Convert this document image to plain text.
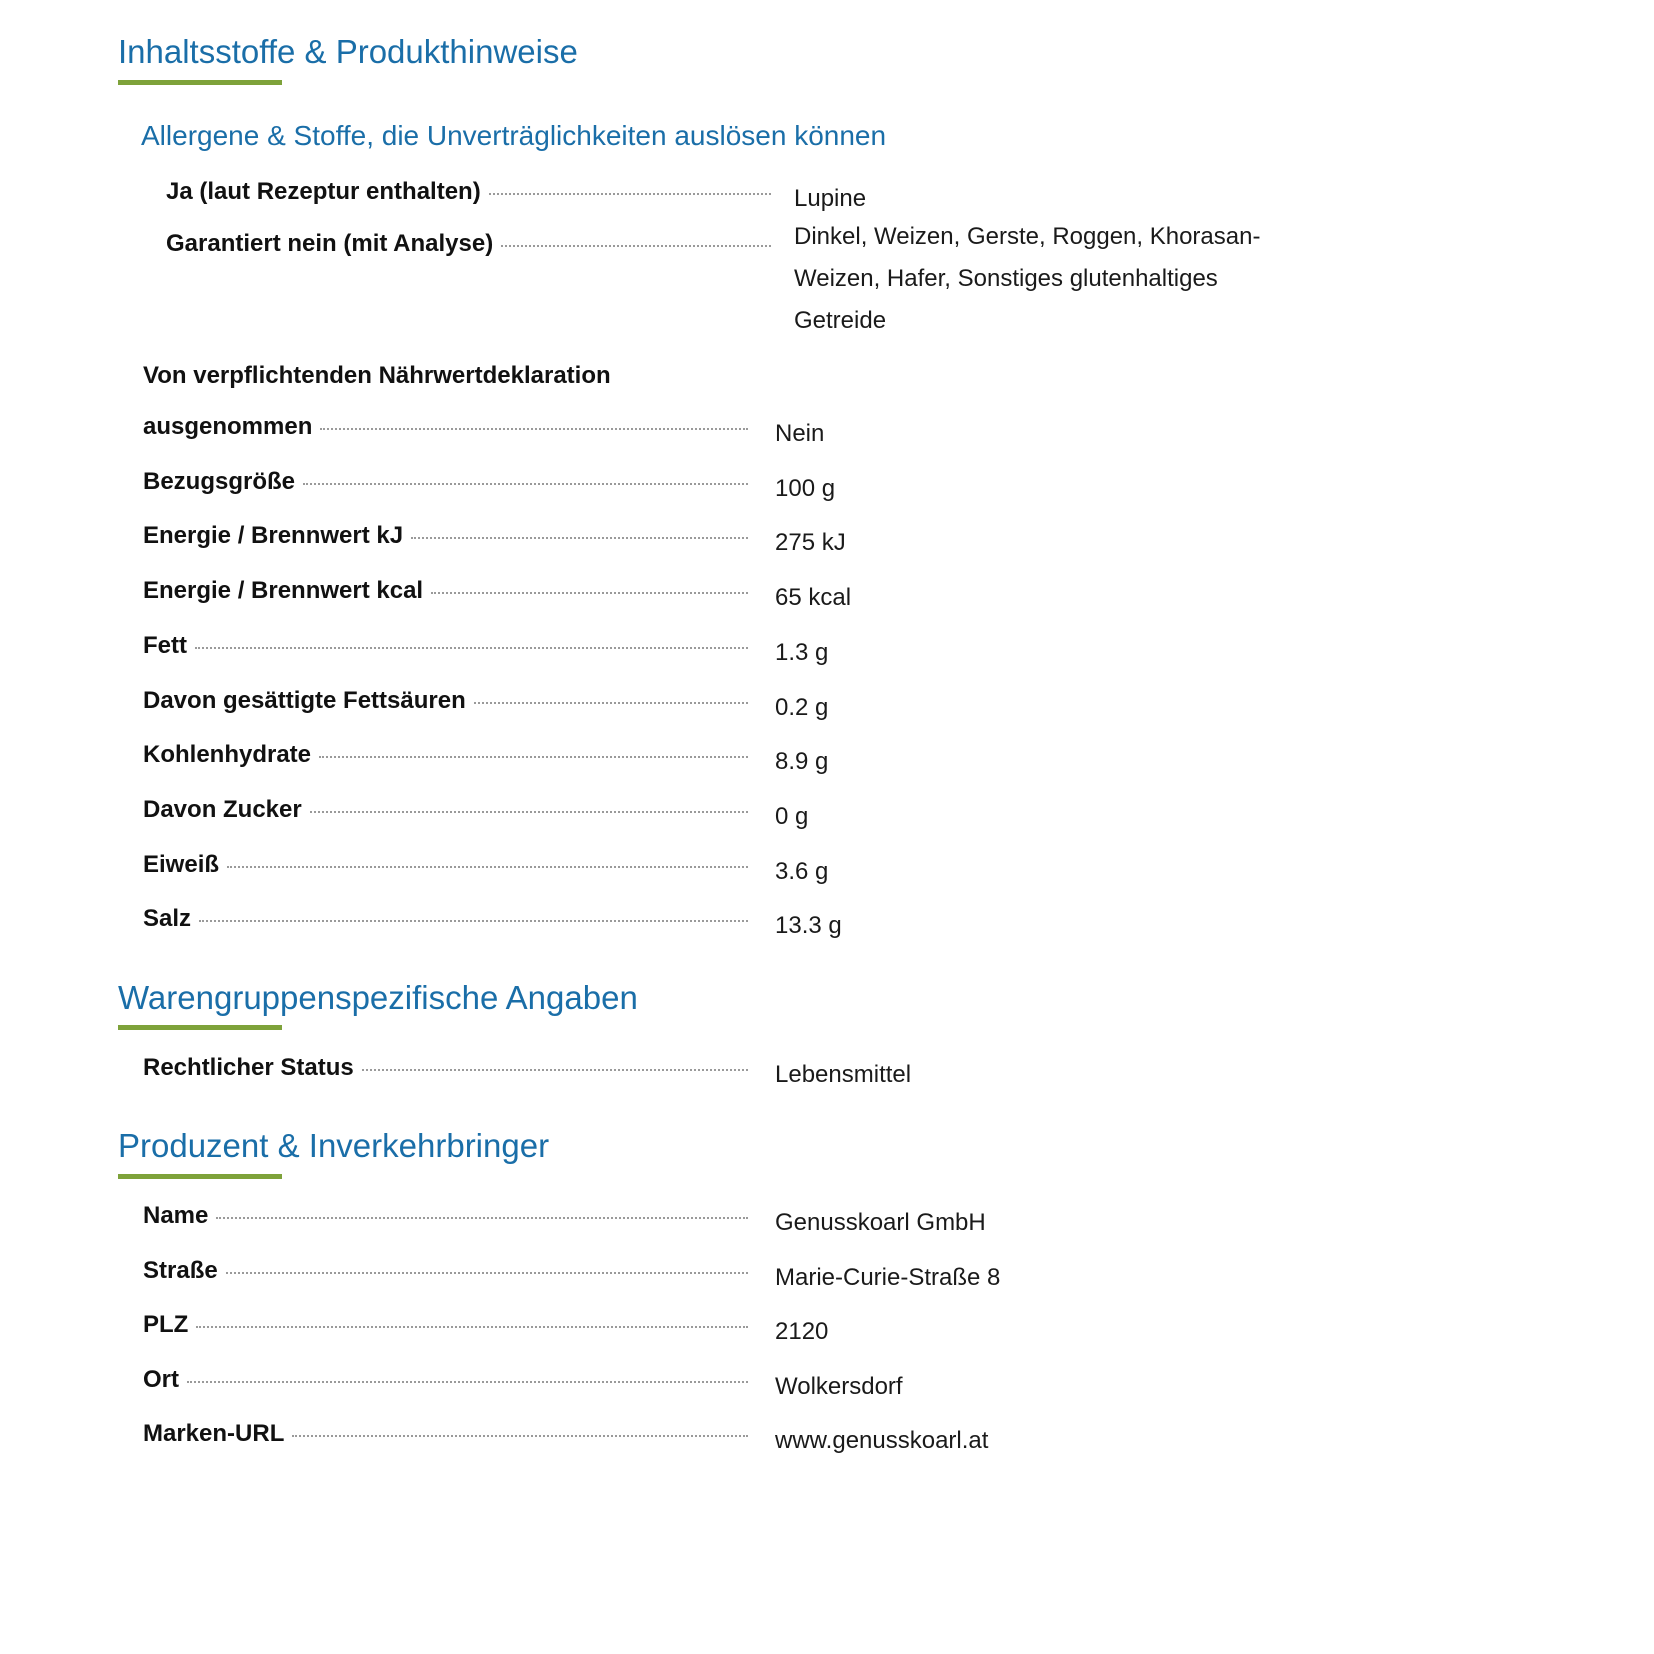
Inhaltsstoffe & Produkthinweise
Allergene & Stoffe, die Unverträglichkeiten auslösen können
Ja (laut Rezeptur enthalten)	Lupine
Garantiert nein (mit Analyse)	Dinkel, Weizen, Gerste, Roggen, Khorasan-Weizen, Hafer, Sonstiges glutenhaltiges Getreide

Von verpflichtenden Nährwertdeklaration

ausgenommen	Nein
Bezugsgröße	100 g
Energie / Brennwert kJ	275 kJ
Energie / Brennwert kcal	65 kcal
Fett	1.3 g
Davon gesättigte Fettsäuren	0.2 g
Kohlenhydrate	8.9 g
Davon Zucker	0 g
Eiweiß	3.6 g
Salz	13.3 g
Warengruppenspezifische Angaben
Rechtlicher Status	Lebensmittel
Produzent & Inverkehrbringer
Name	Genusskoarl GmbH
Straße	Marie-Curie-Straße 8
PLZ	2120
Ort	Wolkersdorf
Marken-URL	www.genusskoarl.at
